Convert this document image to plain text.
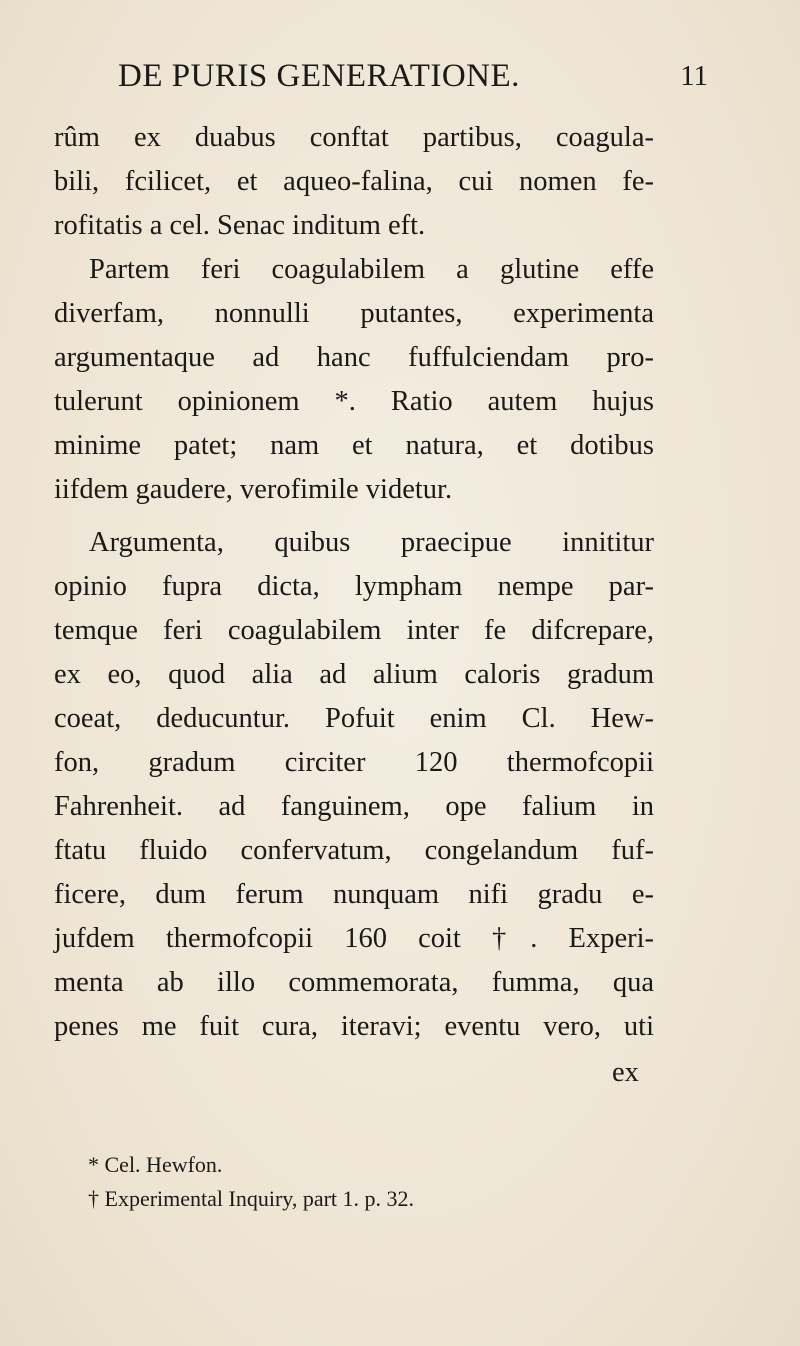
DE PURIS GENERATIONE.	11
rûm ex duabus conftat partibus, coagula-
bili, fcilicet, et aqueo-falina, cui nomen fe-
rofitatis a cel. Senac inditum eft.
Partem feri coagulabilem a glutine effe
diverfam, nonnulli putantes, experimenta
argumentaque ad hanc fuffulciendam pro-
tulerunt opinionem *. Ratio autem hujus
minime patet; nam et natura, et dotibus
iifdem gaudere, verofimile videtur.
Argumenta, quibus praecipue innititur
opinio fupra dicta, lympham nempe par-
temque feri coagulabilem inter fe difcrepare,
ex eo, quod alia ad alium caloris gradum
coeat, deducuntur. Pofuit enim Cl. Hew-
fon, gradum circiter 120 thermofcopii
Fahrenheit. ad fanguinem, ope falium in
ftatu fluido confervatum, congelandum fuf-
ficere, dum ferum nunquam nifi gradu e-
jufdem thermofcopii 160 coit †. Experi-
menta ab illo commemorata, fumma, qua
penes me fuit cura, iteravi; eventu vero, uti
ex
* Cel. Hewfon.
† Experimental Inquiry, part 1. p. 32.
